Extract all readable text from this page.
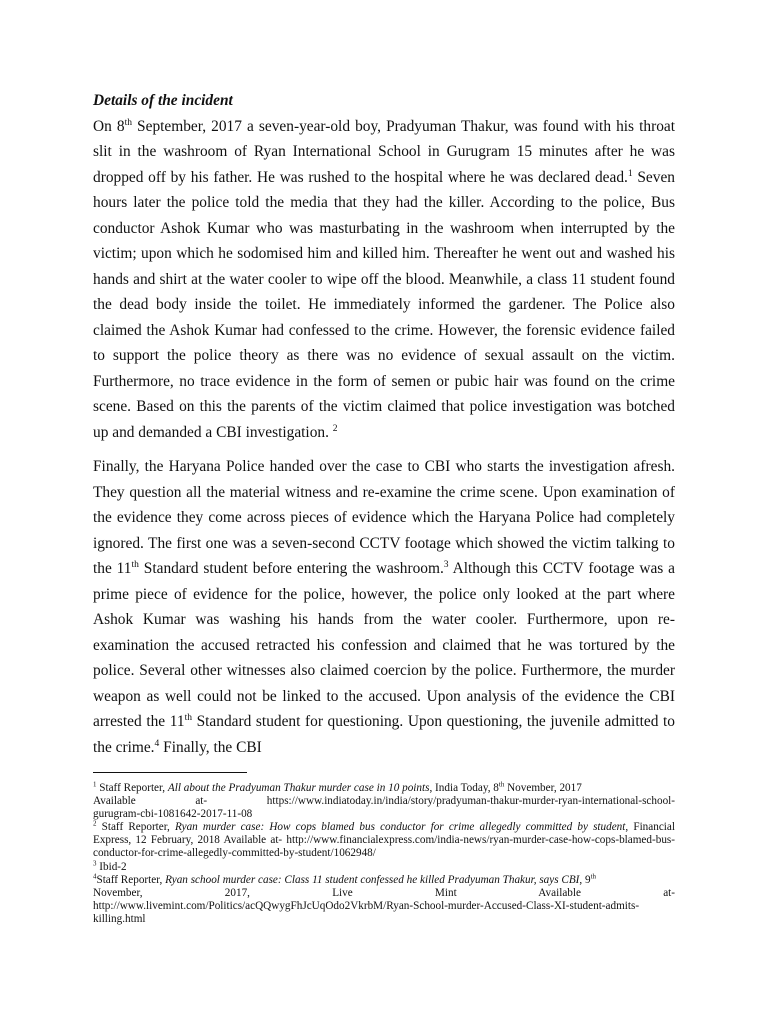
Details of the incident

On 8th September, 2017 a seven-year-old boy, Pradyuman Thakur, was found with his throat slit in the washroom of Ryan International School in Gurugram 15 minutes after he was dropped off by his father. He was rushed to the hospital where he was declared dead.$^1$ Seven hours later the police told the media that they had the killer. According to the police, Bus conductor Ashok Kumar who was masturbating in the washroom when interrupted by the victim; upon which he sodomised him and killed him. Thereafter he went out and washed his hands and shirt at the water cooler to wipe off the blood. Meanwhile, a class 11 student found the dead body inside the toilet. He immediately informed the gardener. The Police also claimed the Ashok Kumar had confessed to the crime. However, the forensic evidence failed to support the police theory as there was no evidence of sexual assault on the victim. Furthermore, no trace evidence in the form of semen or pubic hair was found on the crime scene. Based on this the parents of the victim claimed that police investigation was botched up and demanded a CBI investigation. $^2$

Finally, the Haryana Police handed over the case to CBI who starts the investigation afresh. They question all the material witness and re-examine the crime scene. Upon examination of the evidence they come across pieces of evidence which the Haryana Police had completely ignored. The first one was a seven-second CCTV footage which showed the victim talking to the 11th Standard student before entering the washroom.$^3$ Although this CCTV footage was a prime piece of evidence for the police, however, the police only looked at the part where Ashok Kumar was washing his hands from the water cooler. Furthermore, upon re-examination the accused retracted his confession and claimed that he was tortured by the police. Several other witnesses also claimed coercion by the police. Furthermore, the murder weapon as well could not be linked to the accused. Upon analysis of the evidence the CBI arrested the 11th Standard student for questioning. Upon questioning, the juvenile admitted to the crime.$^4$ Finally, the CBI

$^1$ Staff Reporter, All about the Pradyuman Thakur murder case in 10 points, India Today, 8th November, 2017
Available at- https://www.indiatoday.in/india/story/pradyuman-thakur-murder-ryan-international-school-
gurugram-cbi-1081642-2017-11-08
$^2$ Staff Reporter, Ryan murder case: How cops blamed bus conductor for crime allegedly committed by student, Financial Express, 12 February, 2018 Available at- http://www.financialexpress.com/india-news/ryan-murder-case-how-cops-blamed-bus-conductor-for-crime-allegedly-committed-by-student/1062948/
$^3$ Ibid-2
$^4$Staff Reporter, Ryan school murder case: Class 11 student confessed he killed Pradyuman Thakur, says CBI, 9th
November, 2017, Live Mint Available at-
http://www.livemint.com/Politics/acQQwygFhJcUqOdo2VkrbM/Ryan-School-murder-Accused-Class-XI-student-admits-killing.html
